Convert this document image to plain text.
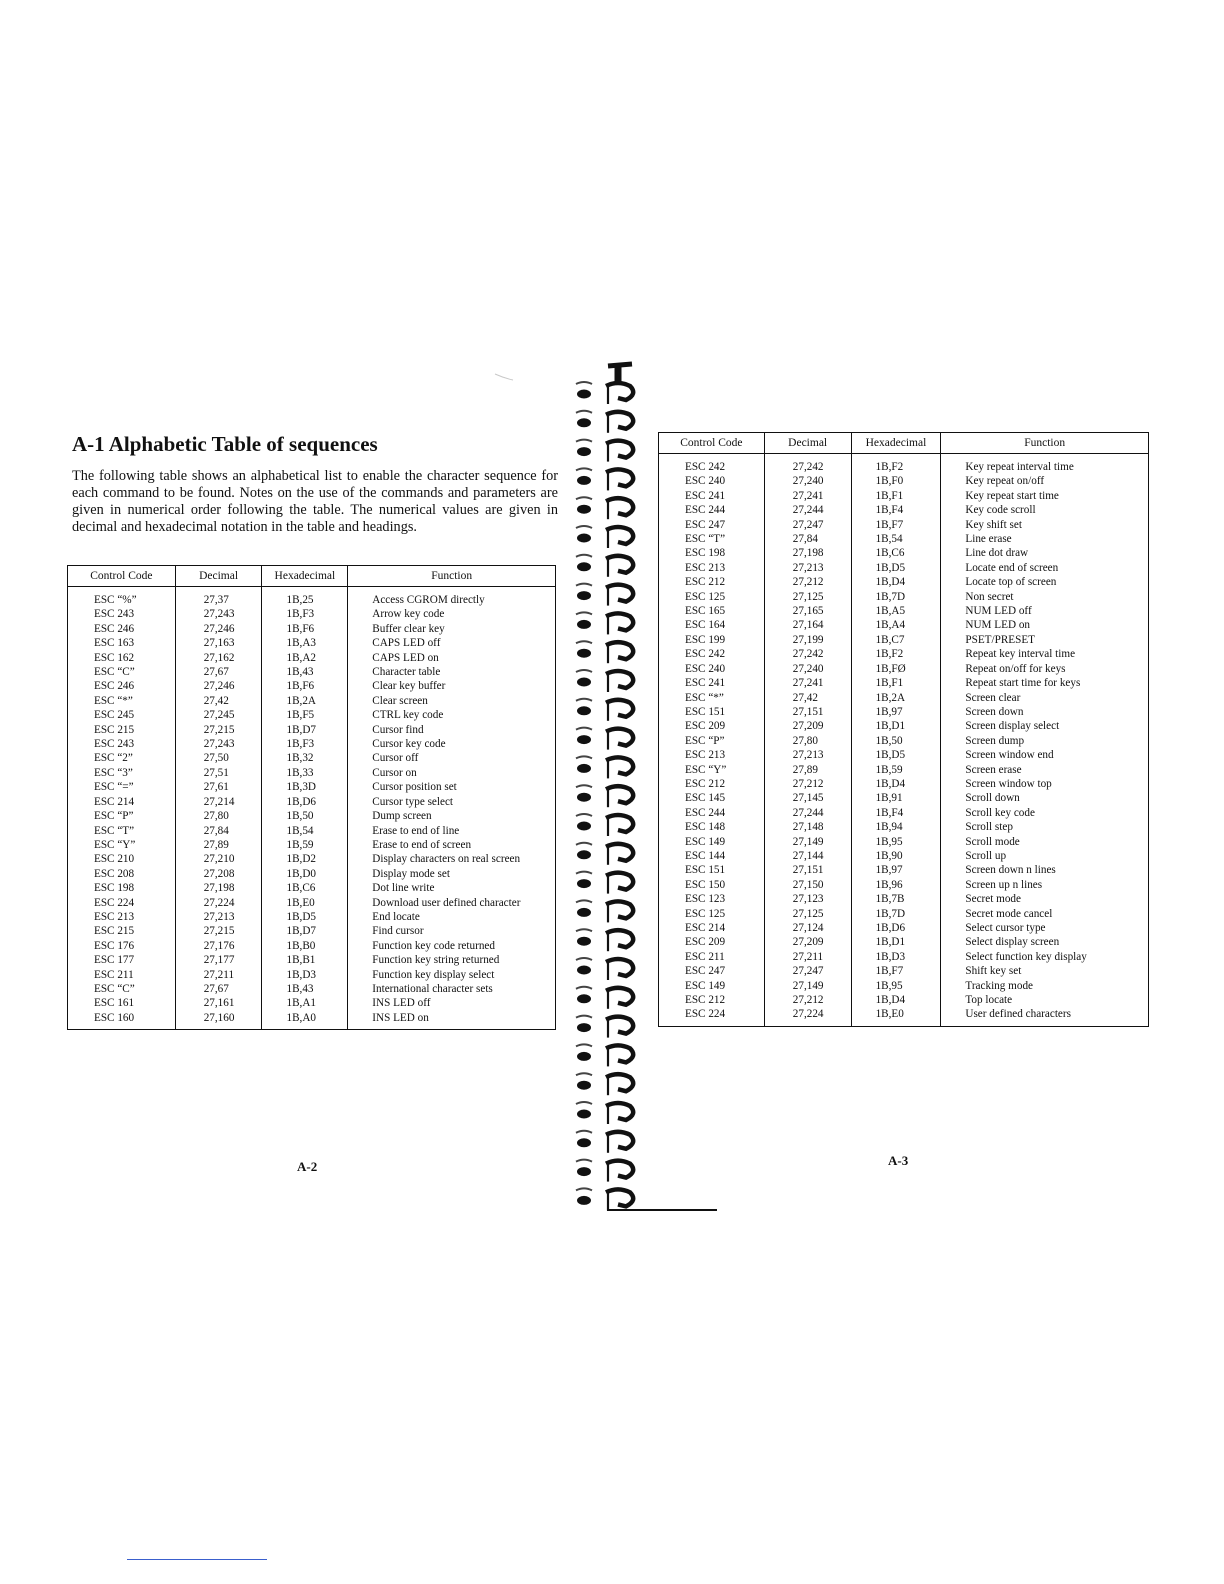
A-1 Alphabetic Table of sequences

The following table shows an alphabetical list to enable the character sequence for each command to be found. Notes on the use of the commands and parameters are given in numerical order following the table. The numerical values are given in decimal and hexadecimal notation in the table and headings.

Control Code	Decimal	Hexadecimal	Function
ESC “%”	27,37	1B,25	Access CGROM directly
ESC 243	27,243	1B,F3	Arrow key code
ESC 246	27,246	1B,F6	Buffer clear key
ESC 163	27,163	1B,A3	CAPS LED off
ESC 162	27,162	1B,A2	CAPS LED on
ESC “C”	27,67	1B,43	Character table
ESC 246	27,246	1B,F6	Clear key buffer
ESC “*”	27,42	1B,2A	Clear screen
ESC 245	27,245	1B,F5	CTRL key code
ESC 215	27,215	1B,D7	Cursor find
ESC 243	27,243	1B,F3	Cursor key code
ESC “2”	27,50	1B,32	Cursor off
ESC “3”	27,51	1B,33	Cursor on
ESC “=”	27,61	1B,3D	Cursor position set
ESC 214	27,214	1B,D6	Cursor type select
ESC “P”	27,80	1B,50	Dump screen
ESC “T”	27,84	1B,54	Erase to end of line
ESC “Y”	27,89	1B,59	Erase to end of screen
ESC 210	27,210	1B,D2	Display characters on real screen
ESC 208	27,208	1B,D0	Display mode set
ESC 198	27,198	1B,C6	Dot line write
ESC 224	27,224	1B,E0	Download user defined character
ESC 213	27,213	1B,D5	End locate
ESC 215	27,215	1B,D7	Find cursor
ESC 176	27,176	1B,B0	Function key code returned
ESC 177	27,177	1B,B1	Function key string returned
ESC 211	27,211	1B,D3	Function key display select
ESC “C”	27,67	1B,43	International character sets
ESC 161	27,161	1B,A1	INS LED off
ESC 160	27,160	1B,A0	INS LED on
Control Code	Decimal	Hexadecimal	Function
ESC 242	27,242	1B,F2	Key repeat interval time
ESC 240	27,240	1B,F0	Key repeat on/off
ESC 241	27,241	1B,F1	Key repeat start time
ESC 244	27,244	1B,F4	Key code scroll
ESC 247	27,247	1B,F7	Key shift set
ESC “T”	27,84	1B,54	Line erase
ESC 198	27,198	1B,C6	Line dot draw
ESC 213	27,213	1B,D5	Locate end of screen
ESC 212	27,212	1B,D4	Locate top of screen
ESC 125	27,125	1B,7D	Non secret
ESC 165	27,165	1B,A5	NUM LED off
ESC 164	27,164	1B,A4	NUM LED on
ESC 199	27,199	1B,C7	PSET/PRESET
ESC 242	27,242	1B,F2	Repeat key interval time
ESC 240	27,240	1B,FØ	Repeat on/off for keys
ESC 241	27,241	1B,F1	Repeat start time for keys
ESC “*”	27,42	1B,2A	Screen clear
ESC 151	27,151	1B,97	Screen down
ESC 209	27,209	1B,D1	Screen display select
ESC “P”	27,80	1B,50	Screen dump
ESC 213	27,213	1B,D5	Screen window end
ESC “Y”	27,89	1B,59	Screen erase
ESC 212	27,212	1B,D4	Screen window top
ESC 145	27,145	1B,91	Scroll down
ESC 244	27,244	1B,F4	Scroll key code
ESC 148	27,148	1B,94	Scroll step
ESC 149	27,149	1B,95	Scroll mode
ESC 144	27,144	1B,90	Scroll up
ESC 151	27,151	1B,97	Screen down n lines
ESC 150	27,150	1B,96	Screen up n lines
ESC 123	27,123	1B,7B	Secret mode
ESC 125	27,125	1B,7D	Secret mode cancel
ESC 214	27,124	1B,D6	Select cursor type
ESC 209	27,209	1B,D1	Select display screen
ESC 211	27,211	1B,D3	Select function key display
ESC 247	27,247	1B,F7	Shift key set
ESC 149	27,149	1B,95	Tracking mode
ESC 212	27,212	1B,D4	Top locate
ESC 224	27,224	1B,E0	User defined characters
A-2	A-3
